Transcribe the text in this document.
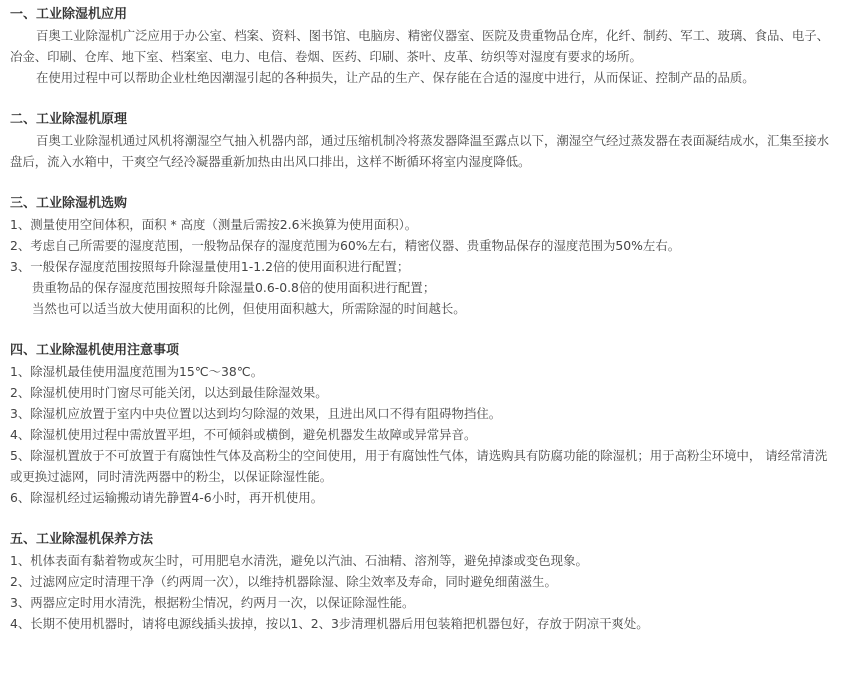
一、工业除湿机应用

百奥工业除湿机广泛应用于办公室、档案、资料、图书馆、电脑房、精密仪器室、医院及贵重物品仓库，化纤、制药、军工、玻璃、食品、电子、冶金、印刷、仓库、地下室、档案室、电力、电信、卷烟、医药、印刷、茶叶、皮革、纺织等对湿度有要求的场所。

在使用过程中可以帮助企业杜绝因潮湿引起的各种损失，让产品的生产、保存能在合适的湿度中进行，从而保证、控制产品的品质。

二、工业除湿机原理

百奥工业除湿机通过风机将潮湿空气抽入机器内部，通过压缩机制冷将蒸发器降温至露点以下，潮湿空气经过蒸发器在表面凝结成水，汇集至接水盘后，流入水箱中，干爽空气经冷凝器重新加热由出风口排出，这样不断循环将室内湿度降低。

三、工业除湿机选购

1、测量使用空间体积，面积 * 高度（测量后需按2.6米换算为使用面积）。

2、考虑自己所需要的湿度范围，一般物品保存的湿度范围为60%左右，精密仪器、贵重物品保存的湿度范围为50%左右。

3、一般保存湿度范围按照每升除湿量使用1-1.2倍的使用面积进行配置；

贵重物品的保存湿度范围按照每升除湿量0.6-0.8倍的使用面积进行配置；

当然也可以适当放大使用面积的比例，但使用面积越大，所需除湿的时间越长。

四、工业除湿机使用注意事项

1、除湿机最佳使用温度范围为15℃～38℃。

2、除湿机使用时门窗尽可能关闭，以达到最佳除湿效果。

3、除湿机应放置于室内中央位置以达到均匀除湿的效果，且进出风口不得有阻碍物挡住。

4、除湿机使用过程中需放置平坦，不可倾斜或横倒，避免机器发生故障或异常异音。

5、除湿机置放于不可放置于有腐蚀性气体及高粉尘的空间使用，用于有腐蚀性气体，请选购具有防腐功能的除湿机；用于高粉尘环境中， 请经常清洗或更换过滤网，同时清洗两器中的粉尘，以保证除湿性能。

6、除湿机经过运输搬动请先静置4-6小时，再开机使用。

五、工业除湿机保养方法

1、机体表面有黏着物或灰尘时，可用肥皂水清洗，避免以汽油、石油精、溶剂等，避免掉漆或变色现象。

2、过滤网应定时清理干净（约两周一次），以维持机器除湿、除尘效率及寿命，同时避免细菌滋生。

3、两器应定时用水清洗，根据粉尘情况，约两月一次，以保证除湿性能。

4、长期不使用机器时，请将电源线插头拔掉，按以1、2、3步清理机器后用包装箱把机器包好，存放于阴凉干爽处。
